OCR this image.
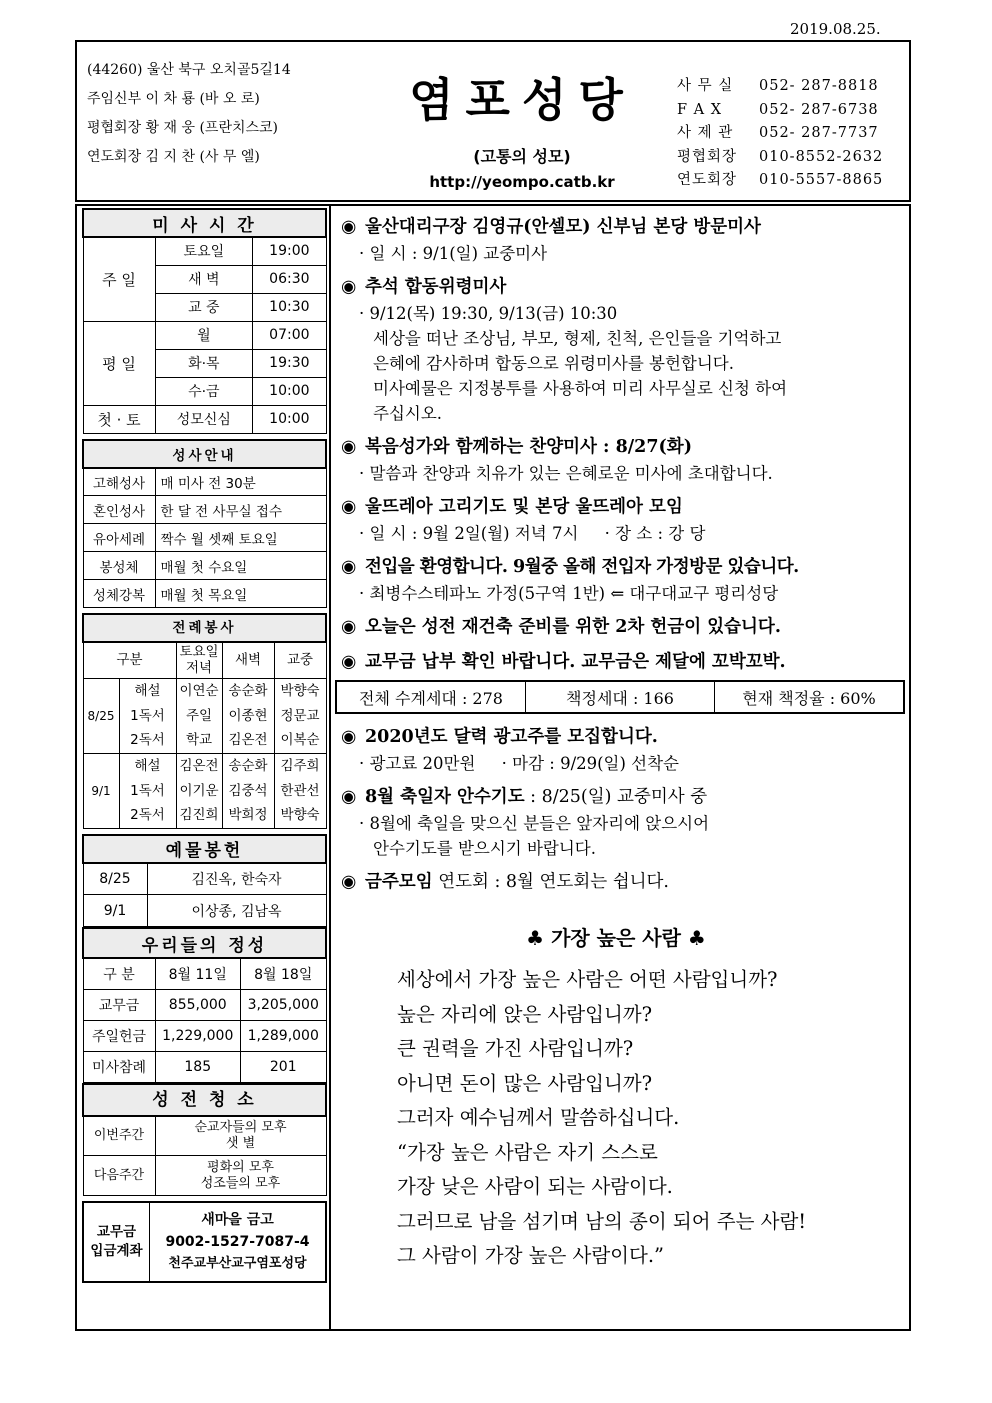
2019.08.25.
(44260) 울산 북구 오치골5길14
주임신부 이 차 룡 (바 오 로)
평협회장 황 재 웅 (프란치스코)
연도회장 김 지 찬 (사 무 엘)
염포성당
(고통의 성모)
http://yeompo.catb.kr
사 무 실 052- 287-8818
F A X	052- 287-6738
사 제 관 052- 287-7737
평협회장 010-8552-2632
연도회장 010-5557-8865
미 사 시 간		
주 일	토요일	19:00
	새 벽	06:30
	교 중	10:30
평 일	월	07:00
	화·목	19:30
	수·금	10:00
첫 · 토	성모신심	10:00
성사안내	
고해성사	매 미사 전 30분
혼인성사	한 달 전 사무실 접수
유아세례	짝수 월 셋째 토요일
봉성체	매월 첫 수요일
성체강복	매월 첫 목요일
전례봉사				
구분		토요일 저녁	새벽	교중
8/25	해설	이연순	송순화	박향숙
	1독서	주일	이종현	정문교
	2독서	학교	김온전	이복순
9/1	해설	김온전	송순화	김주희
	1독서	이기운	김중석	한관선
	2독서	김진희	박희정	박향숙
예물봉헌	
8/25	김진옥, 한숙자
9/1	이상종, 김남옥
우리들의 정성		
구 분	8월 11일	8월 18일
교무금	855,000	3,205,000
주일헌금	1,229,000	1,289,000
미사참례	185	201
성 전 청 소	
이번주간	순교자들의 모후
샛 별

다음주간	평화의 모후
성조들의 모후
교무금
입금계좌
새마을 금고
9002-1527-7087-4
천주교부산교구염포성당
◉ 울산대리구장 김영규(안셀모) 신부님 본당 방문미사
· 일 시 : 9/1(일) 교중미사
◉ 추석 합동위령미사
· 9/12(목) 19:30, 9/13(금) 10:30
세상을 떠난 조상님, 부모, 형제, 친척, 은인들을 기억하고
은혜에 감사하며 합동으로 위령미사를 봉헌합니다.
미사예물은 지정봉투를 사용하여 미리 사무실로 신청 하여
주십시오.
◉ 복음성가와 함께하는 찬양미사 : 8/27(화)
· 말씀과 찬양과 치유가 있는 은혜로운 미사에 초대합니다.
◉ 울뜨레아 고리기도 및 본당 울뜨레아 모임
· 일 시 : 9월 2일(월) 저녁 7시     · 장 소 : 강 당
◉ 전입을 환영합니다. 9월중 올해 전입자 가정방문 있습니다.
· 최병수스테파노 가정(5구역 1반) ⇐ 대구대교구 평리성당
◉ 오늘은 성전 재건축 준비를 위한 2차 헌금이 있습니다.
◉ 교무금 납부 확인 바랍니다. 교무금은 제달에 꼬박꼬박.
전체 수계세대 : 278	책정세대 : 166	현재 책정율 : 60%
◉ 2020년도 달력 광고주를 모집합니다.
· 광고료 20만원     · 마감 : 9/29(일) 선착순
◉ 8월 축일자 안수기도 : 8/25(일) 교중미사 중
· 8월에 축일을 맞으신 분들은 앞자리에 앉으시어
안수기도를 받으시기 바랍니다.
◉ 금주모임 연도회 : 8월 연도회는 쉽니다.
♣ 가장 높은 사람 ♣
세상에서 가장 높은 사람은 어떤 사람입니까?
높은 자리에 앉은 사람입니까?
큰 권력을 가진 사람입니까?
아니면 돈이 많은 사람입니까?
그러자 예수님께서 말씀하십니다.
“가장 높은 사람은 자기 스스로
가장 낮은 사람이 되는 사람이다.
그러므로 남을 섬기며 남의 종이 되어 주는 사람!
그 사람이 가장 높은 사람이다.”
